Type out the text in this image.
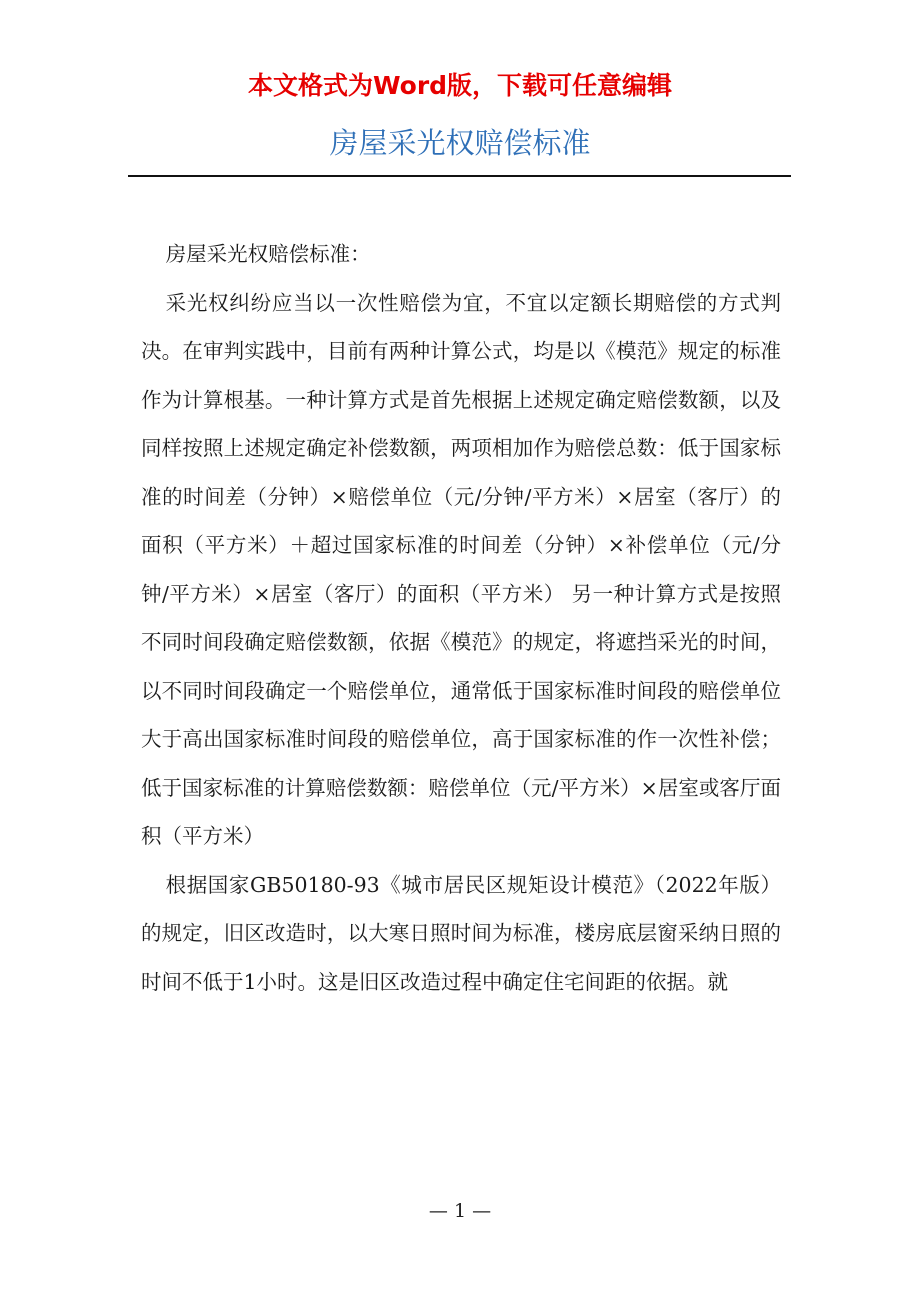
本文格式为Word版，下载可任意编辑
房屋采光权赔偿标准

房屋采光权赔偿标准：

采光权纠纷应当以一次性赔偿为宜，不宜以定额长期赔偿的方式判决。在审判实践中，目前有两种计算公式，均是以《模范》规定的标准作为计算根基。一种计算方式是首先根据上述规定确定赔偿数额，以及同样按照上述规定确定补偿数额，两项相加作为赔偿总数：低于国家标准的时间差（分钟）×赔偿单位（元/分钟/平方米）×居室（客厅）的面积（平方米）＋超过国家标准的时间差（分钟）×补偿单位（元/分钟/平方米）×居室（客厅）的面积（平方米） 另一种计算方式是按照不同时间段确定赔偿数额，依据《模范》的规定，将遮挡采光的时间，以不同时间段确定一个赔偿单位，通常低于国家标准时间段的赔偿单位大于高出国家标准时间段的赔偿单位，高于国家标准的作一次性补偿；低于国家标准的计算赔偿数额：赔偿单位（元/平方米）×居室或客厅面积（平方米）

根据国家GB50180-93《城市居民区规矩设计模范》（2022年版）的规定，旧区改造时，以大寒日照时间为标准，楼房底层窗采纳日照的时间不低于1小时。这是旧区改造过程中确定住宅间距的依据。就

— 1 —
